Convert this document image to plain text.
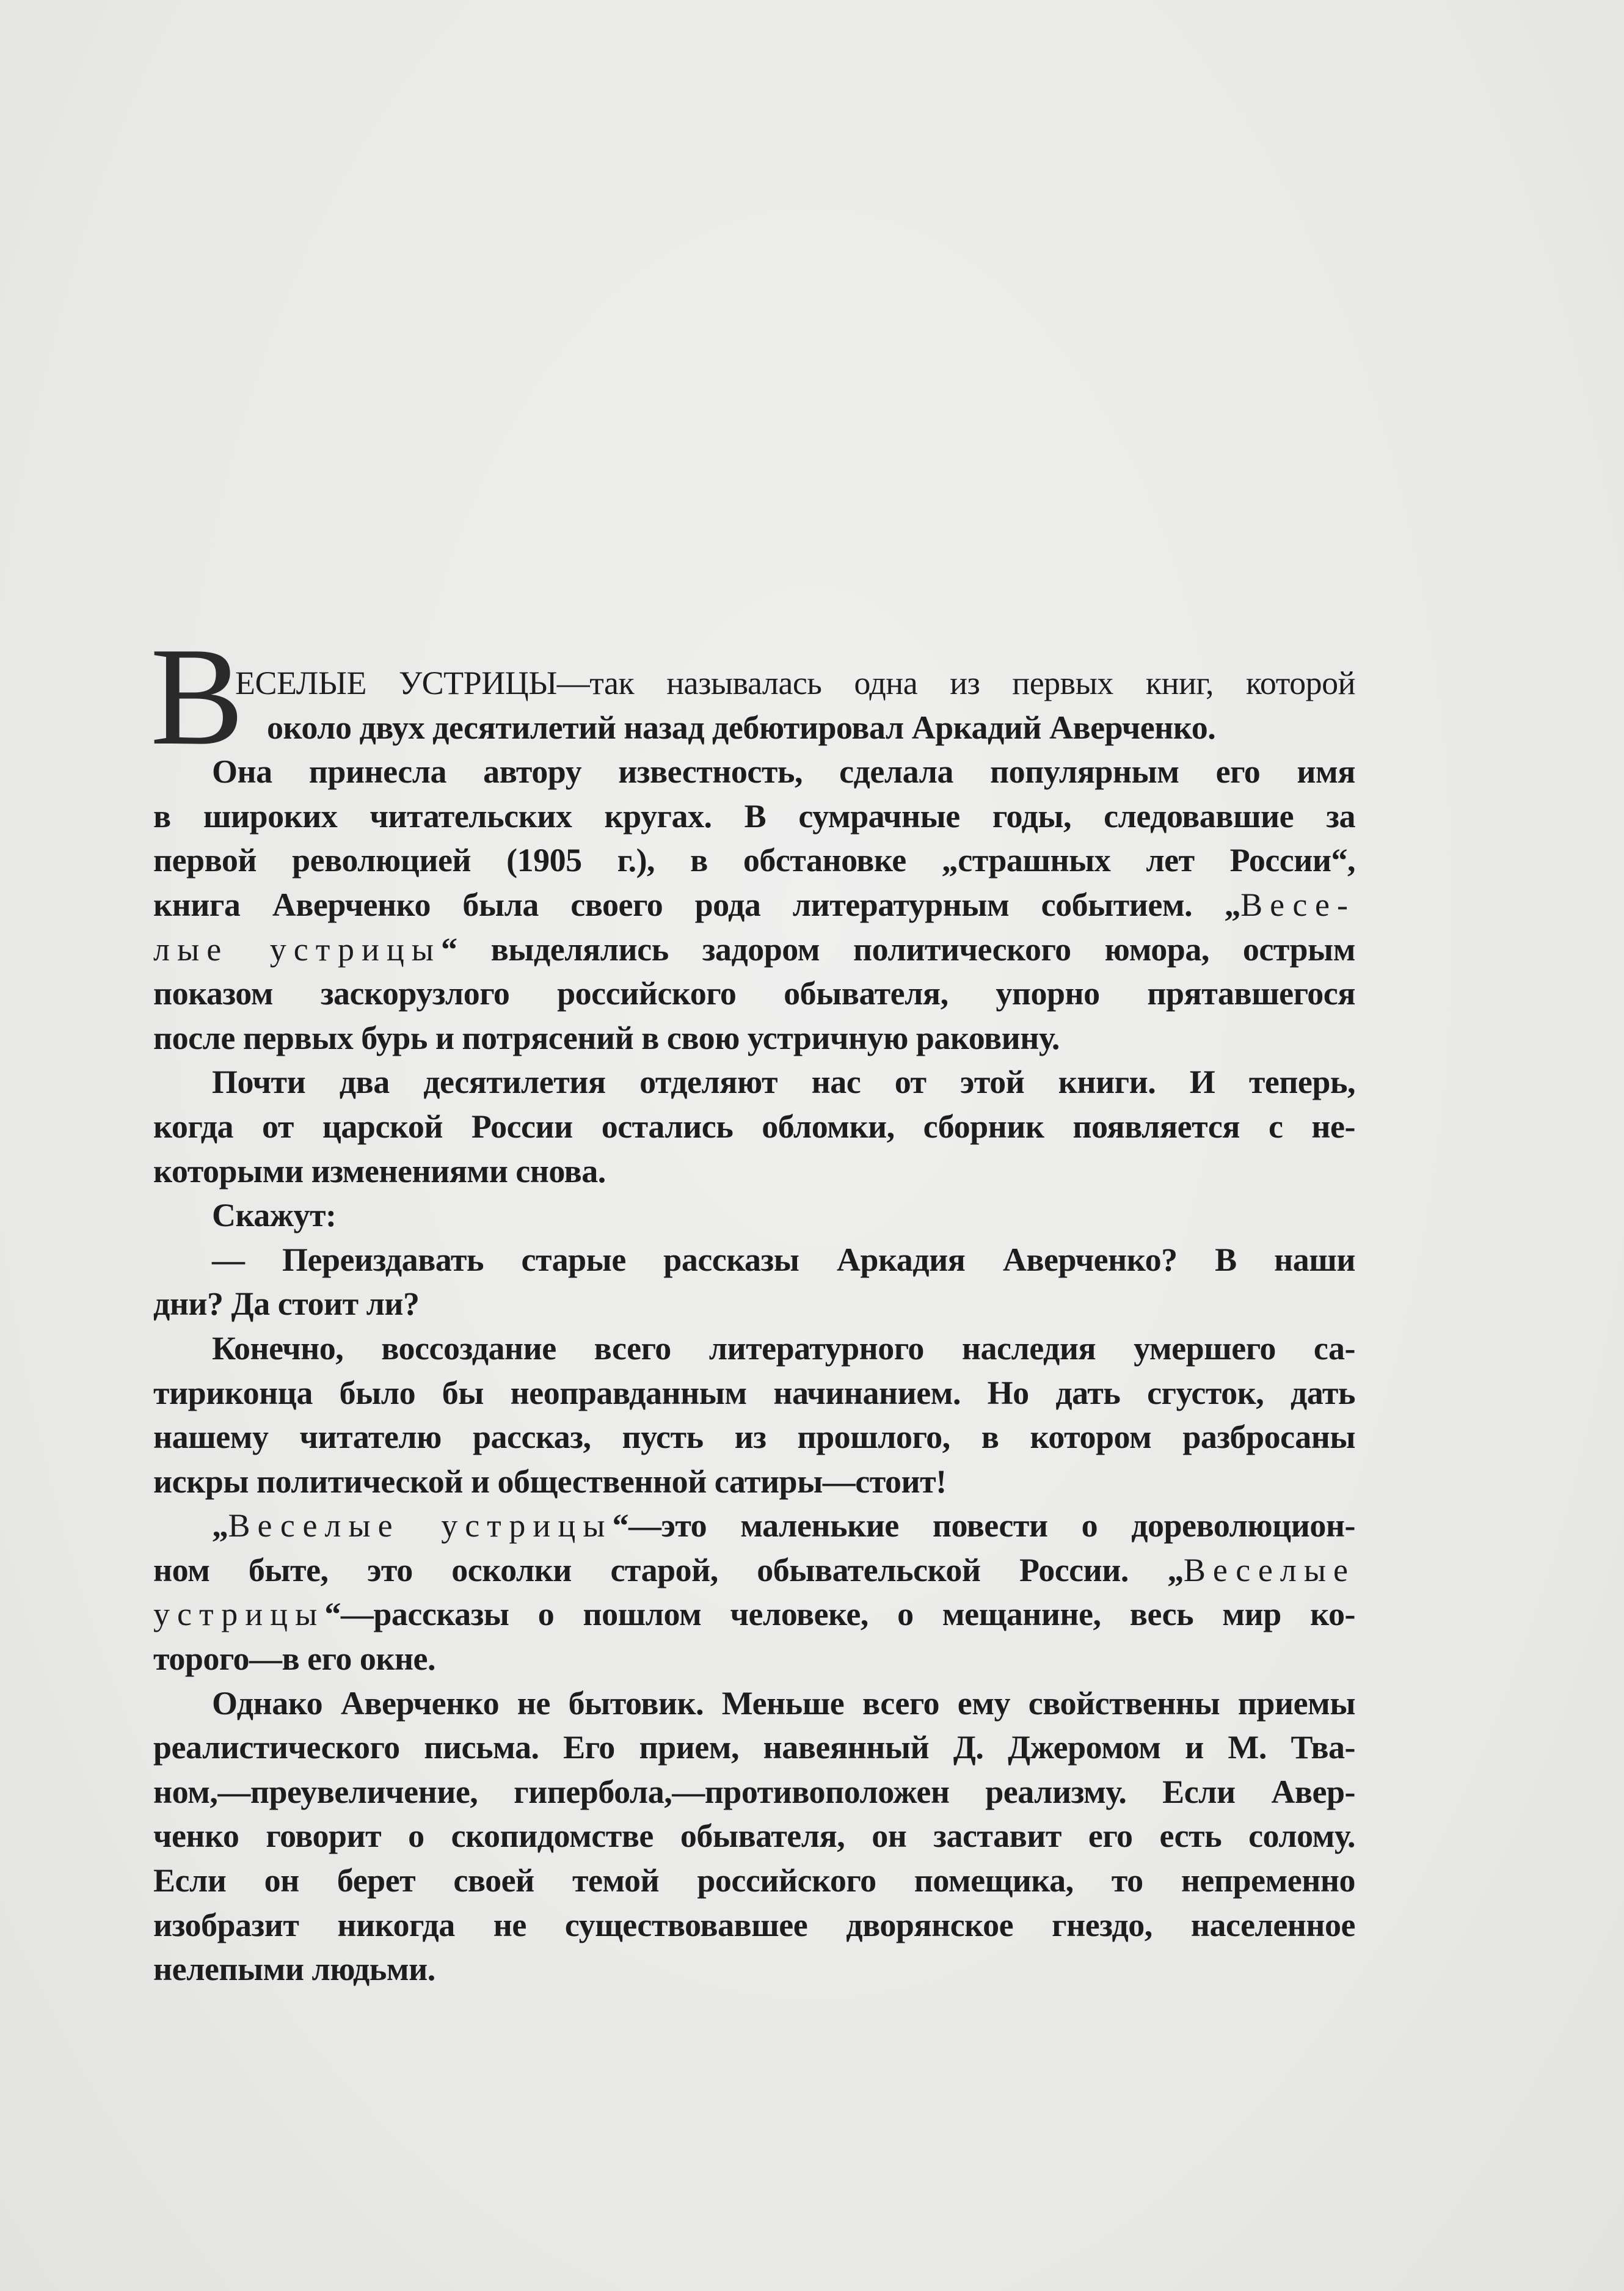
В
ЕСЕЛЫЕ УСТРИЦЫ—так называлась одна из первых книг, которой
около двух десятилетий назад дебютировал Аркадий Аверченко.
Она принесла автору известность, сделала популярным его имя
в широких читательских кругах. В сумрачные годы, следовавшие за
первой революцией (1905 г.), в обстановке „страшных лет России“,
книга Аверченко была своего рода литературным событием. „Весе-
лые устрицы“ выделялись задором политического юмора, острым
показом заскорузлого российского обывателя, упорно прятавшегося
после первых бурь и потрясений в свою устричную раковину.
Почти два десятилетия отделяют нас от этой книги. И теперь,
когда от царской России остались обломки, сборник появляется с не-
которыми изменениями снова.
Скажут:
— Переиздавать старые рассказы Аркадия Аверченко? В наши
дни? Да стоит ли?
Конечно, воссоздание всего литературного наследия умершего са-
тириконца было бы неоправданным начинанием. Но дать сгусток, дать
нашему читателю рассказ, пусть из прошлого, в котором разбросаны
искры политической и общественной сатиры—стоит!
„Веселые устрицы“—это маленькие повести о дореволюцион-
ном быте, это осколки старой, обывательской России. „Веселые
устрицы“—рассказы о пошлом человеке, о мещанине, весь мир ко-
торого—в его окне.
Однако Аверченко не бытовик. Меньше всего ему свойственны приемы
реалистического письма. Его прием, навеянный Д. Джеромом и М. Тва-
ном,—преувеличение, гипербола,—противоположен реализму. Если Авер-
ченко говорит о скопидомстве обывателя, он заставит его есть солому.
Если он берет своей темой российского помещика, то непременно
изобразит никогда не существовавшее дворянское гнездо, населенное
нелепыми людьми.
